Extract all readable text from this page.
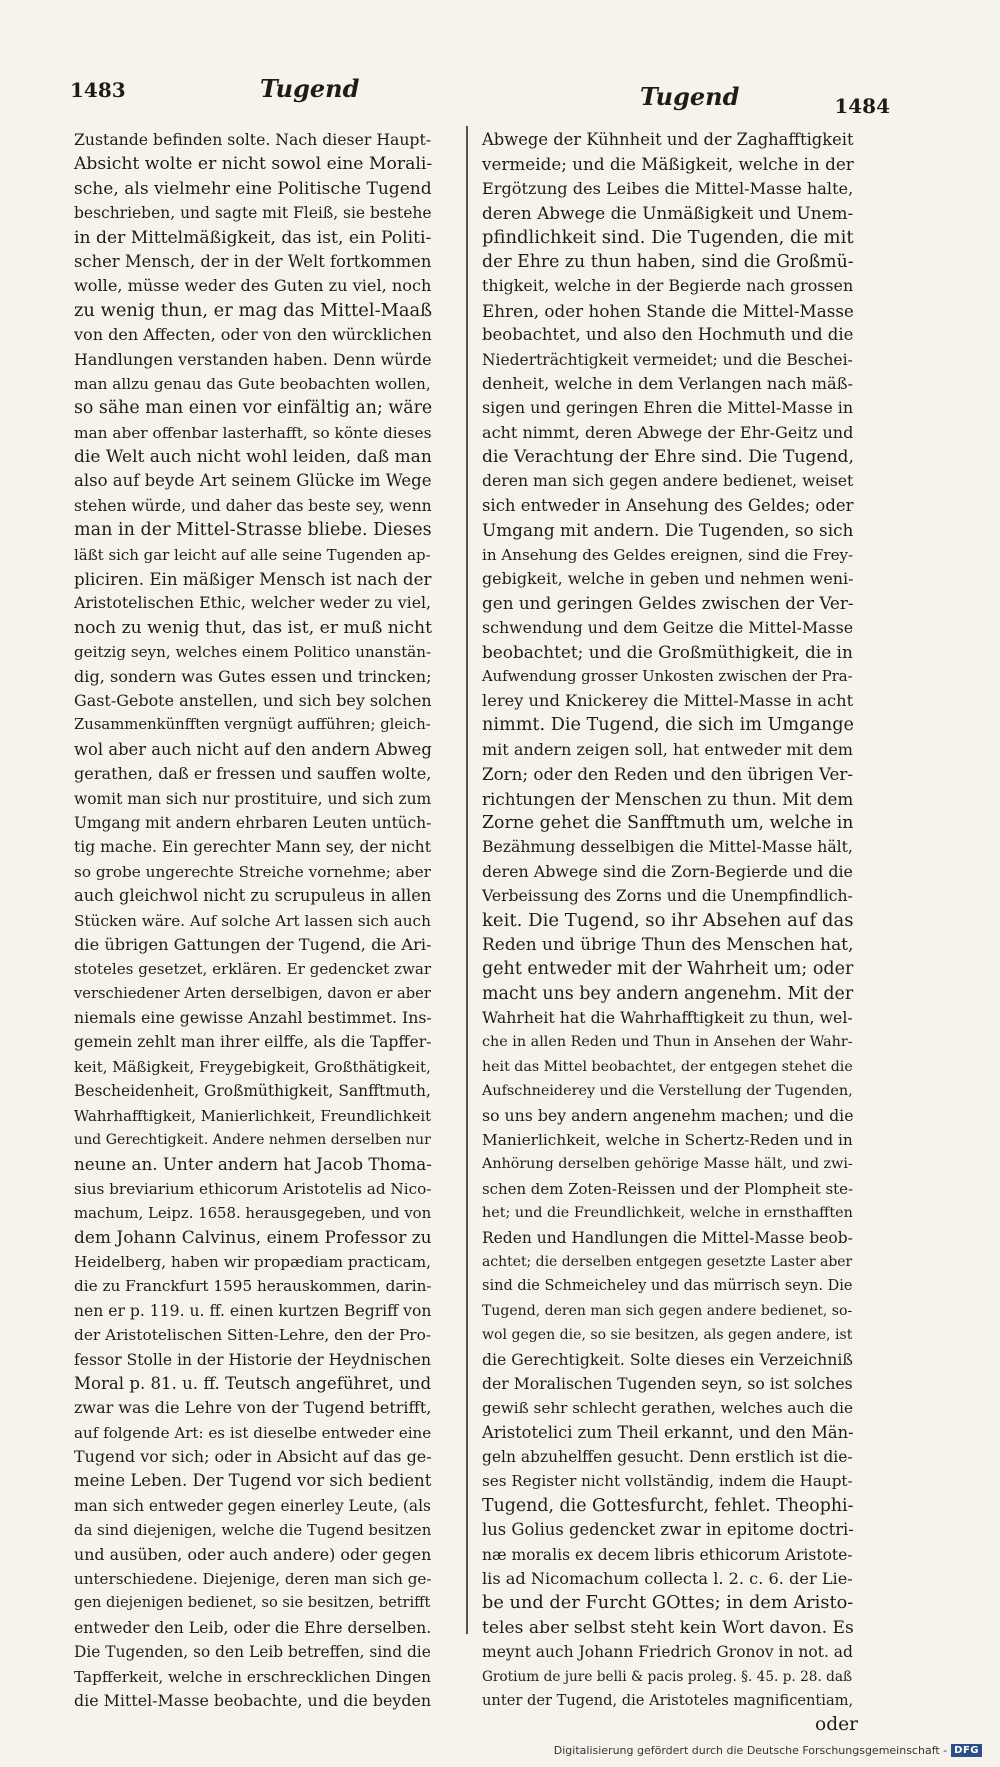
1483	Tugend	Tugend	1484
Zustande befinden solte. Nach dieser Haupt-
Absicht wolte er nicht sowol eine Morali-
sche, als vielmehr eine Politische Tugend
beschrieben, und sagte mit Fleiß, sie bestehe
in der Mittelmäßigkeit, das ist, ein Politi-
scher Mensch, der in der Welt fortkommen
wolle, müsse weder des Guten zu viel, noch
zu wenig thun, er mag das Mittel-Maaß
von den Affecten, oder von den würcklichen
Handlungen verstanden haben. Denn würde
man allzu genau das Gute beobachten wollen,
so sähe man einen vor einfältig an; wäre
man aber offenbar lasterhafft, so könte dieses
die Welt auch nicht wohl leiden, daß man
also auf beyde Art seinem Glücke im Wege
stehen würde, und daher das beste sey, wenn
man in der Mittel-Strasse bliebe. Dieses
läßt sich gar leicht auf alle seine Tugenden ap-
pliciren. Ein mäßiger Mensch ist nach der
Aristotelischen Ethic, welcher weder zu viel,
noch zu wenig thut, das ist, er muß nicht
geitzig seyn, welches einem Politico unanstän-
dig, sondern was Gutes essen und trincken;
Gast-Gebote anstellen, und sich bey solchen
Zusammenkünfften vergnügt aufführen; gleich-
wol aber auch nicht auf den andern Abweg
gerathen, daß er fressen und sauffen wolte,
womit man sich nur prostituire, und sich zum
Umgang mit andern ehrbaren Leuten untüch-
tig mache. Ein gerechter Mann sey, der nicht
so grobe ungerechte Streiche vornehme; aber
auch gleichwol nicht zu scrupuleus in allen
Stücken wäre. Auf solche Art lassen sich auch
die übrigen Gattungen der Tugend, die Ari-
stoteles gesetzet, erklären. Er gedencket zwar
verschiedener Arten derselbigen, davon er aber
niemals eine gewisse Anzahl bestimmet. Ins-
gemein zehlt man ihrer eilffe, als die Tapffer-
keit, Mäßigkeit, Freygebigkeit, Großthätigkeit,
Bescheidenheit, Großmüthigkeit, Sanfftmuth,
Wahrhafftigkeit, Manierlichkeit, Freundlichkeit
und Gerechtigkeit. Andere nehmen derselben nur
neune an. Unter andern hat Jacob Thoma-
sius breviarium ethicorum Aristotelis ad Nico-
machum, Leipz. 1658. herausgegeben, und von
dem Johann Calvinus, einem Professor zu
Heidelberg, haben wir propædiam practicam,
die zu Franckfurt 1595 herauskommen, darin-
nen er p. 119. u. ff. einen kurtzen Begriff von
der Aristotelischen Sitten-Lehre, den der Pro-
fessor Stolle in der Historie der Heydnischen
Moral p. 81. u. ff. Teutsch angeführet, und
zwar was die Lehre von der Tugend betrifft,
auf folgende Art: es ist dieselbe entweder eine
Tugend vor sich; oder in Absicht auf das ge-
meine Leben. Der Tugend vor sich bedient
man sich entweder gegen einerley Leute, (als
da sind diejenigen, welche die Tugend besitzen
und ausüben, oder auch andere) oder gegen
unterschiedene. Diejenige, deren man sich ge-
gen diejenigen bedienet, so sie besitzen, betrifft
entweder den Leib, oder die Ehre derselben.
Die Tugenden, so den Leib betreffen, sind die
Tapfferkeit, welche in erschrecklichen Dingen
die Mittel-Masse beobachte, und die beyden
Abwege der Kühnheit und der Zaghafftigkeit
vermeide; und die Mäßigkeit, welche in der
Ergötzung des Leibes die Mittel-Masse halte,
deren Abwege die Unmäßigkeit und Unem-
pfindlichkeit sind. Die Tugenden, die mit
der Ehre zu thun haben, sind die Großmü-
thigkeit, welche in der Begierde nach grossen
Ehren, oder hohen Stande die Mittel-Masse
beobachtet, und also den Hochmuth und die
Niederträchtigkeit vermeidet; und die Beschei-
denheit, welche in dem Verlangen nach mäß-
sigen und geringen Ehren die Mittel-Masse in
acht nimmt, deren Abwege der Ehr-Geitz und
die Verachtung der Ehre sind. Die Tugend,
deren man sich gegen andere bedienet, weiset
sich entweder in Ansehung des Geldes; oder
Umgang mit andern. Die Tugenden, so sich
in Ansehung des Geldes ereignen, sind die Frey-
gebigkeit, welche in geben und nehmen weni-
gen und geringen Geldes zwischen der Ver-
schwendung und dem Geitze die Mittel-Masse
beobachtet; und die Großmüthigkeit, die in
Aufwendung grosser Unkosten zwischen der Pra-
lerey und Knickerey die Mittel-Masse in acht
nimmt. Die Tugend, die sich im Umgange
mit andern zeigen soll, hat entweder mit dem
Zorn; oder den Reden und den übrigen Ver-
richtungen der Menschen zu thun. Mit dem
Zorne gehet die Sanfftmuth um, welche in
Bezähmung desselbigen die Mittel-Masse hält,
deren Abwege sind die Zorn-Begierde und die
Verbeissung des Zorns und die Unempfindlich-
keit. Die Tugend, so ihr Absehen auf das
Reden und übrige Thun des Menschen hat,
geht entweder mit der Wahrheit um; oder
macht uns bey andern angenehm. Mit der
Wahrheit hat die Wahrhafftigkeit zu thun, wel-
che in allen Reden und Thun in Ansehen der Wahr-
heit das Mittel beobachtet, der entgegen stehet die
Aufschneiderey und die Verstellung der Tugenden,
so uns bey andern angenehm machen; und die
Manierlichkeit, welche in Schertz-Reden und in
Anhörung derselben gehörige Masse hält, und zwi-
schen dem Zoten-Reissen und der Plompheit ste-
het; und die Freundlichkeit, welche in ernsthafften
Reden und Handlungen die Mittel-Masse beob-
achtet; die derselben entgegen gesetzte Laster aber
sind die Schmeicheley und das mürrisch seyn. Die
Tugend, deren man sich gegen andere bedienet, so-
wol gegen die, so sie besitzen, als gegen andere, ist
die Gerechtigkeit. Solte dieses ein Verzeichniß
der Moralischen Tugenden seyn, so ist solches
gewiß sehr schlecht gerathen, welches auch die
Aristotelici zum Theil erkannt, und den Män-
geln abzuhelffen gesucht. Denn erstlich ist die-
ses Register nicht vollständig, indem die Haupt-
Tugend, die Gottesfurcht, fehlet. Theophi-
lus Golius gedencket zwar in epitome doctri-
næ moralis ex decem libris ethicorum Aristote-
lis ad Nicomachum collecta l. 2. c. 6. der Lie-
be und der Furcht GOttes; in dem Aristo-
teles aber selbst steht kein Wort davon. Es
meynt auch Johann Friedrich Gronov in not. ad
Grotium de jure belli & pacis proleg. §. 45. p. 28. daß
unter der Tugend, die Aristoteles magnificentiam,
oder
Digitalisierung gefördert durch die Deutsche Forschungsgemeinschaft - DFG
